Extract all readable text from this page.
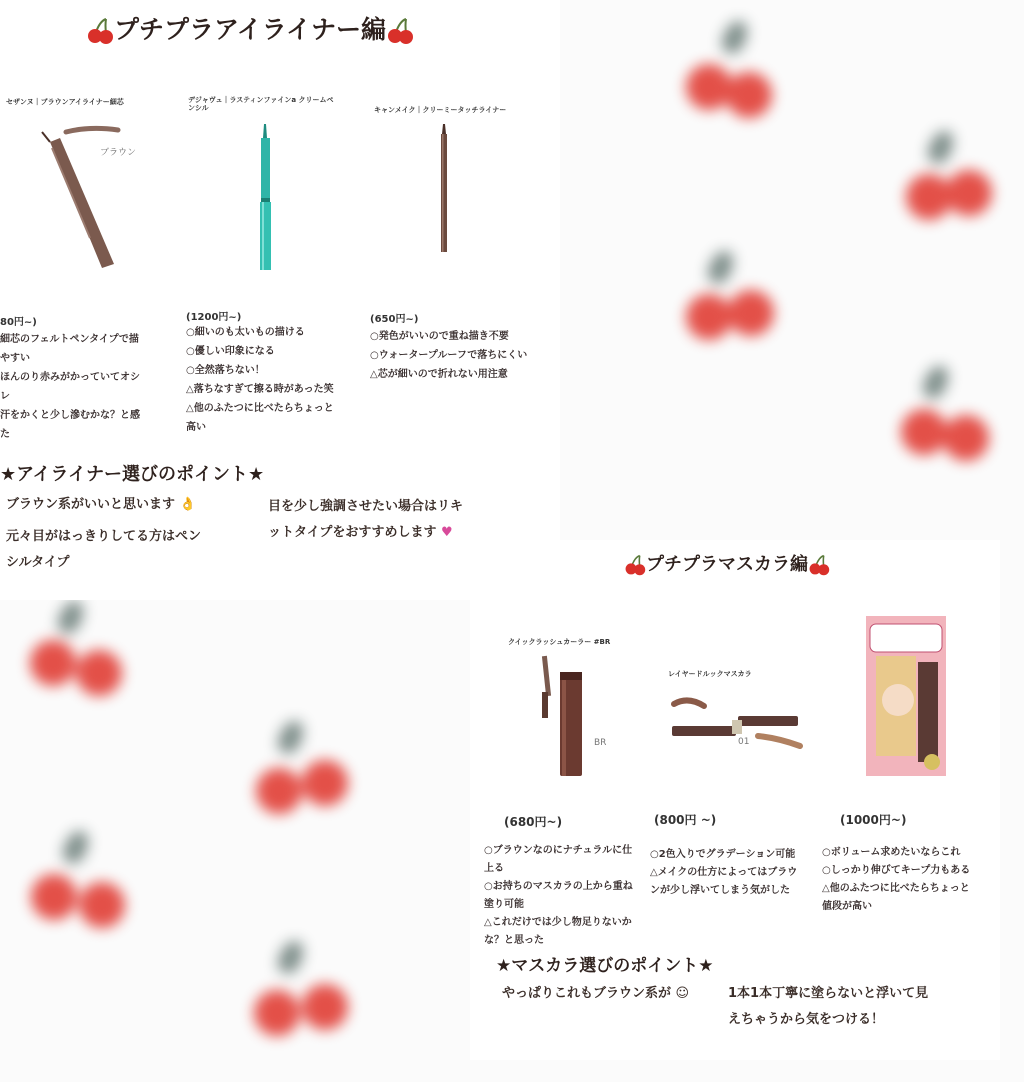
プチプラアイライナー編
セザンヌ｜ブラウンアイライナー細芯
ブラウン
80円~)
細芯のフェルトペンタイプで描
やすい
ほんのり赤みがかっていてオシ
レ
汗をかくと少し滲むかな？と感
た
デジャヴュ｜ラスティンファインa クリームペンシル
(1200円~)
○細いのも太いもの描ける
○優しい印象になる
○全然落ちない！
△落ちなすぎて擦る時があった笑
△他のふたつに比べたらちょっと
高い
キャンメイク｜クリーミータッチライナー
(650円~)
○発色がいいので重ね描き不要
○ウォータープルーフで落ちにくい
△芯が細いので折れない用注意
★アイライナー選びのポイント★
ブラウン系がいいと思います 👌
元々目がはっきりしてる方はペン
シルタイプ
目を少し強調させたい場合はリキ
ットタイプをおすすめします ♥
プチプラマスカラ編
クイックラッシュカーラー #BR
BR
(680円~)
○ブラウンなのにナチュラルに仕
上る
○お持ちのマスカラの上から重ね
塗り可能
△これだけでは少し物足りないか
な？と思った
レイヤードルックマスカラ
01
(800円 ~)
○2色入りでグラデーション可能
△メイクの仕方によってはブラウ
ンが少し浮いてしまう気がした
(1000円~)
○ボリューム求めたいならこれ
○しっかり伸びてキープ力もある
△他のふたつに比べたらちょっと
値段が高い
★マスカラ選びのポイント★
やっぱりこれもブラウン系が ☺	1本1本丁寧に塗らないと浮いて見
えちゃうから気をつける！
